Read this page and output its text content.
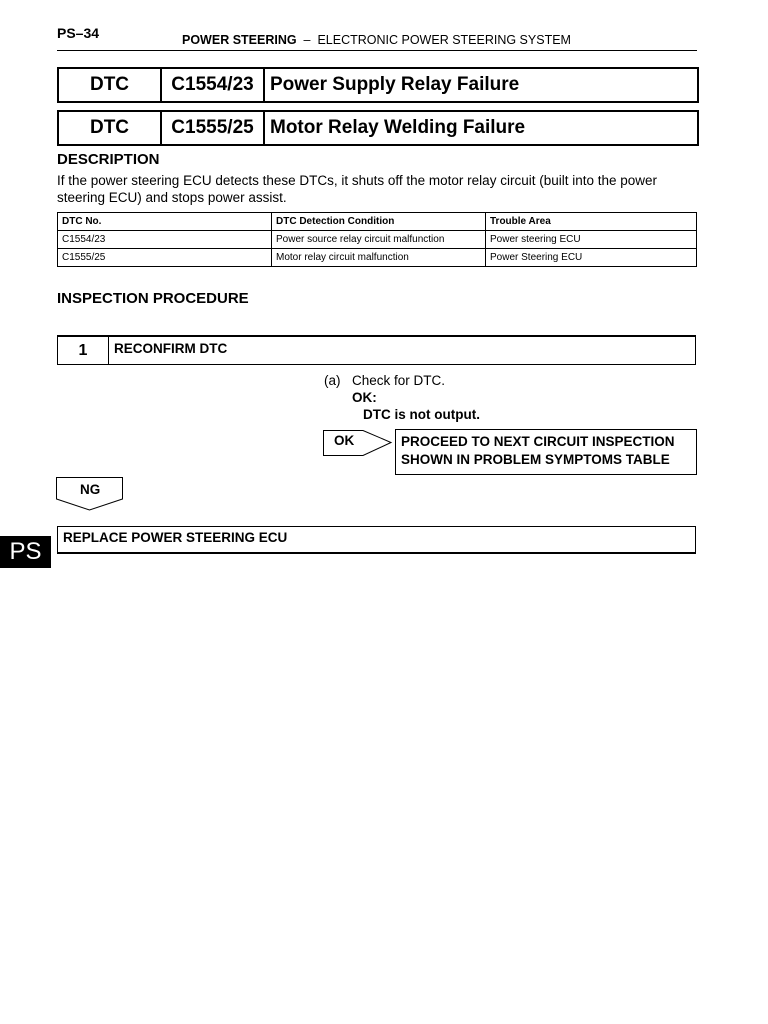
PS–34	POWER STEERING – ELECTRONIC POWER STEERING SYSTEM
DTC	C1554/23 Power Supply Relay Failure
DTC	C1555/25 Motor Relay Welding Failure
DESCRIPTION
If the power steering ECU detects these DTCs, it shuts off the motor relay circuit (built into the power steering ECU) and stops power assist.
DTC No.	DTC Detection Condition	Trouble Area
C1554/23	Power source relay circuit malfunction	Power steering ECU
C1555/25	Motor relay circuit malfunction	Power Steering ECU
INSPECTION PROCEDURE
1	RECONFIRM DTC
(a) Check for DTC.
OK:
DTC is not output.
OK	PROCEED TO NEXT CIRCUIT INSPECTION
SHOWN IN PROBLEM SYMPTOMS TABLE
NG
REPLACE POWER STEERING ECU
PS
